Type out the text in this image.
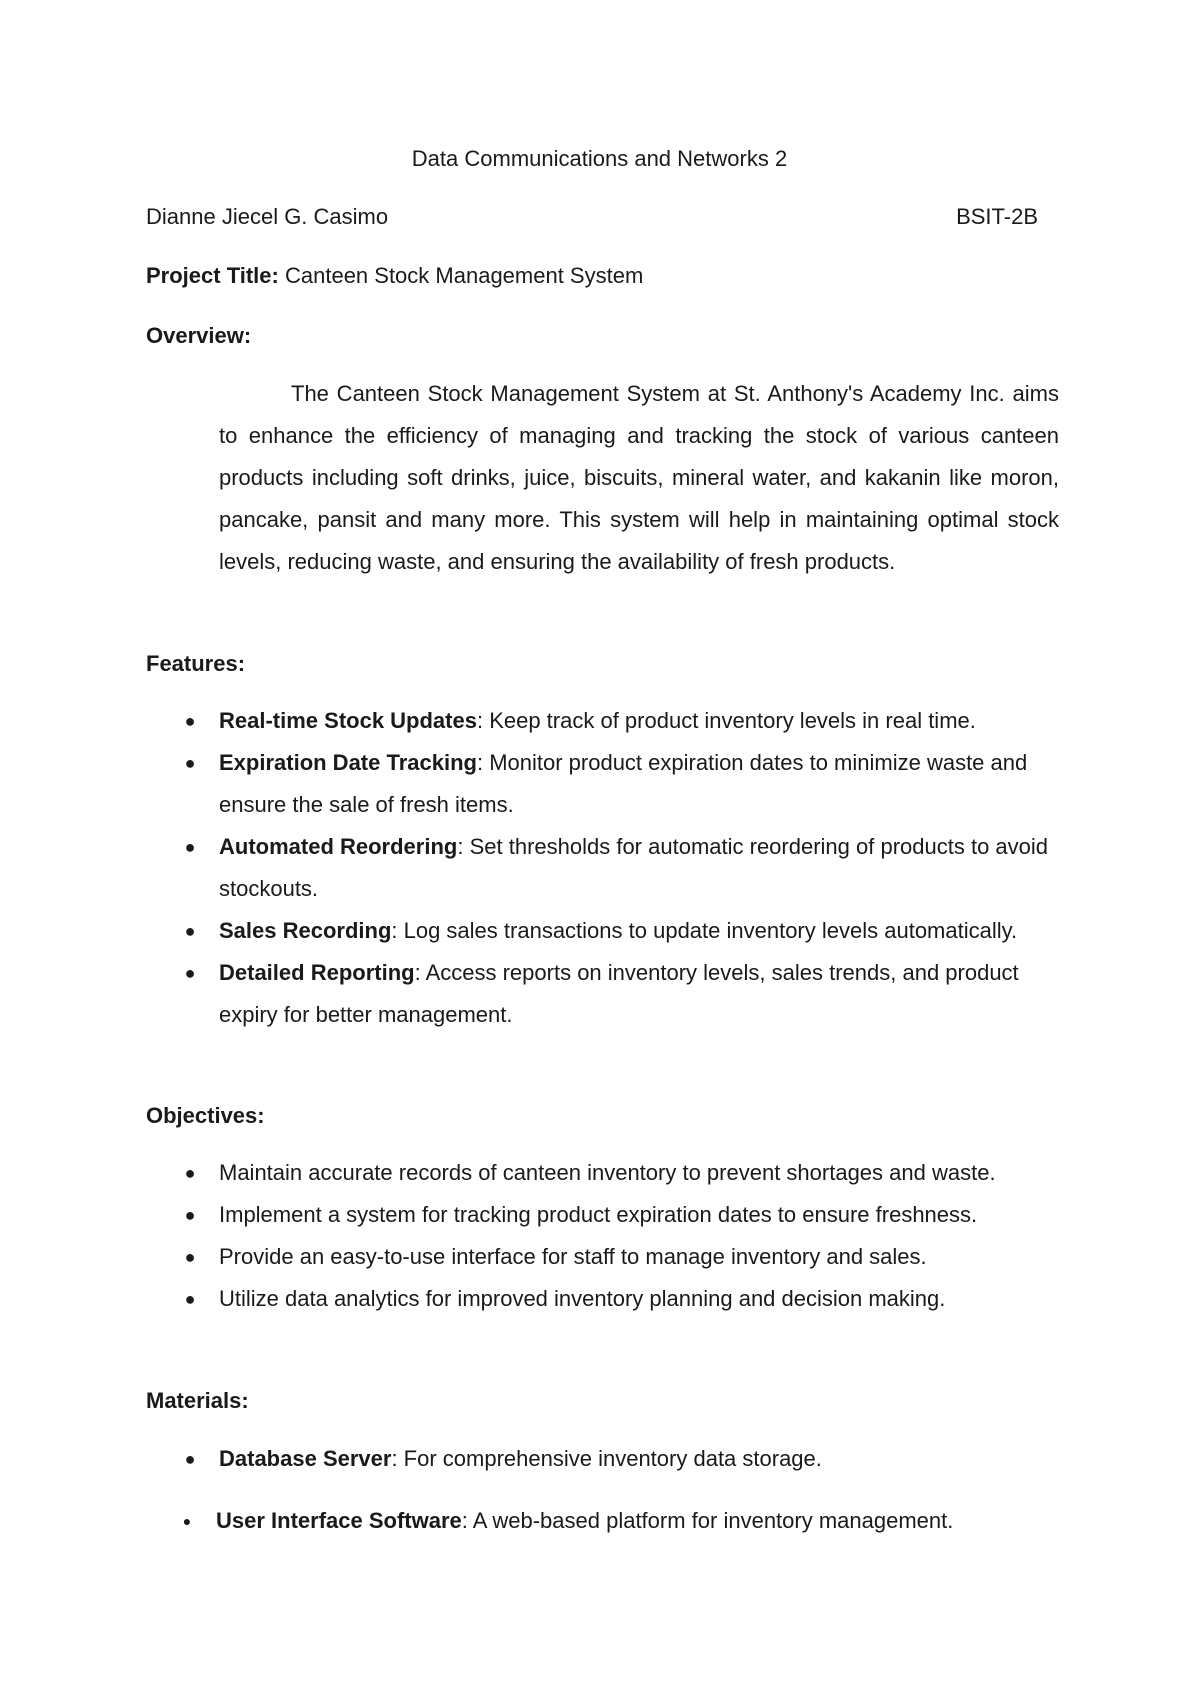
Data Communications and Networks 2
Dianne Jiecel G. Casimo	BSIT-2B
Project Title: Canteen Stock Management System
Overview:
The Canteen Stock Management System at St. Anthony's Academy Inc. aims to enhance the efficiency of managing and tracking the stock of various canteen products including soft drinks, juice, biscuits, mineral water, and kakanin like moron, pancake, pansit and many more. This system will help in maintaining optimal stock levels, reducing waste, and ensuring the availability of fresh products.
Features:
● Real-time Stock Updates: Keep track of product inventory levels in real time.
● Expiration Date Tracking: Monitor product expiration dates to minimize waste and ensure the sale of fresh items.
● Automated Reordering: Set thresholds for automatic reordering of products to avoid stockouts.
● Sales Recording: Log sales transactions to update inventory levels automatically.
● Detailed Reporting: Access reports on inventory levels, sales trends, and product expiry for better management.
Objectives:
● Maintain accurate records of canteen inventory to prevent shortages and waste.
● Implement a system for tracking product expiration dates to ensure freshness.
● Provide an easy-to-use interface for staff to manage inventory and sales.
● Utilize data analytics for improved inventory planning and decision making.
Materials:
● Database Server: For comprehensive inventory data storage.
● User Interface Software: A web-based platform for inventory management.
